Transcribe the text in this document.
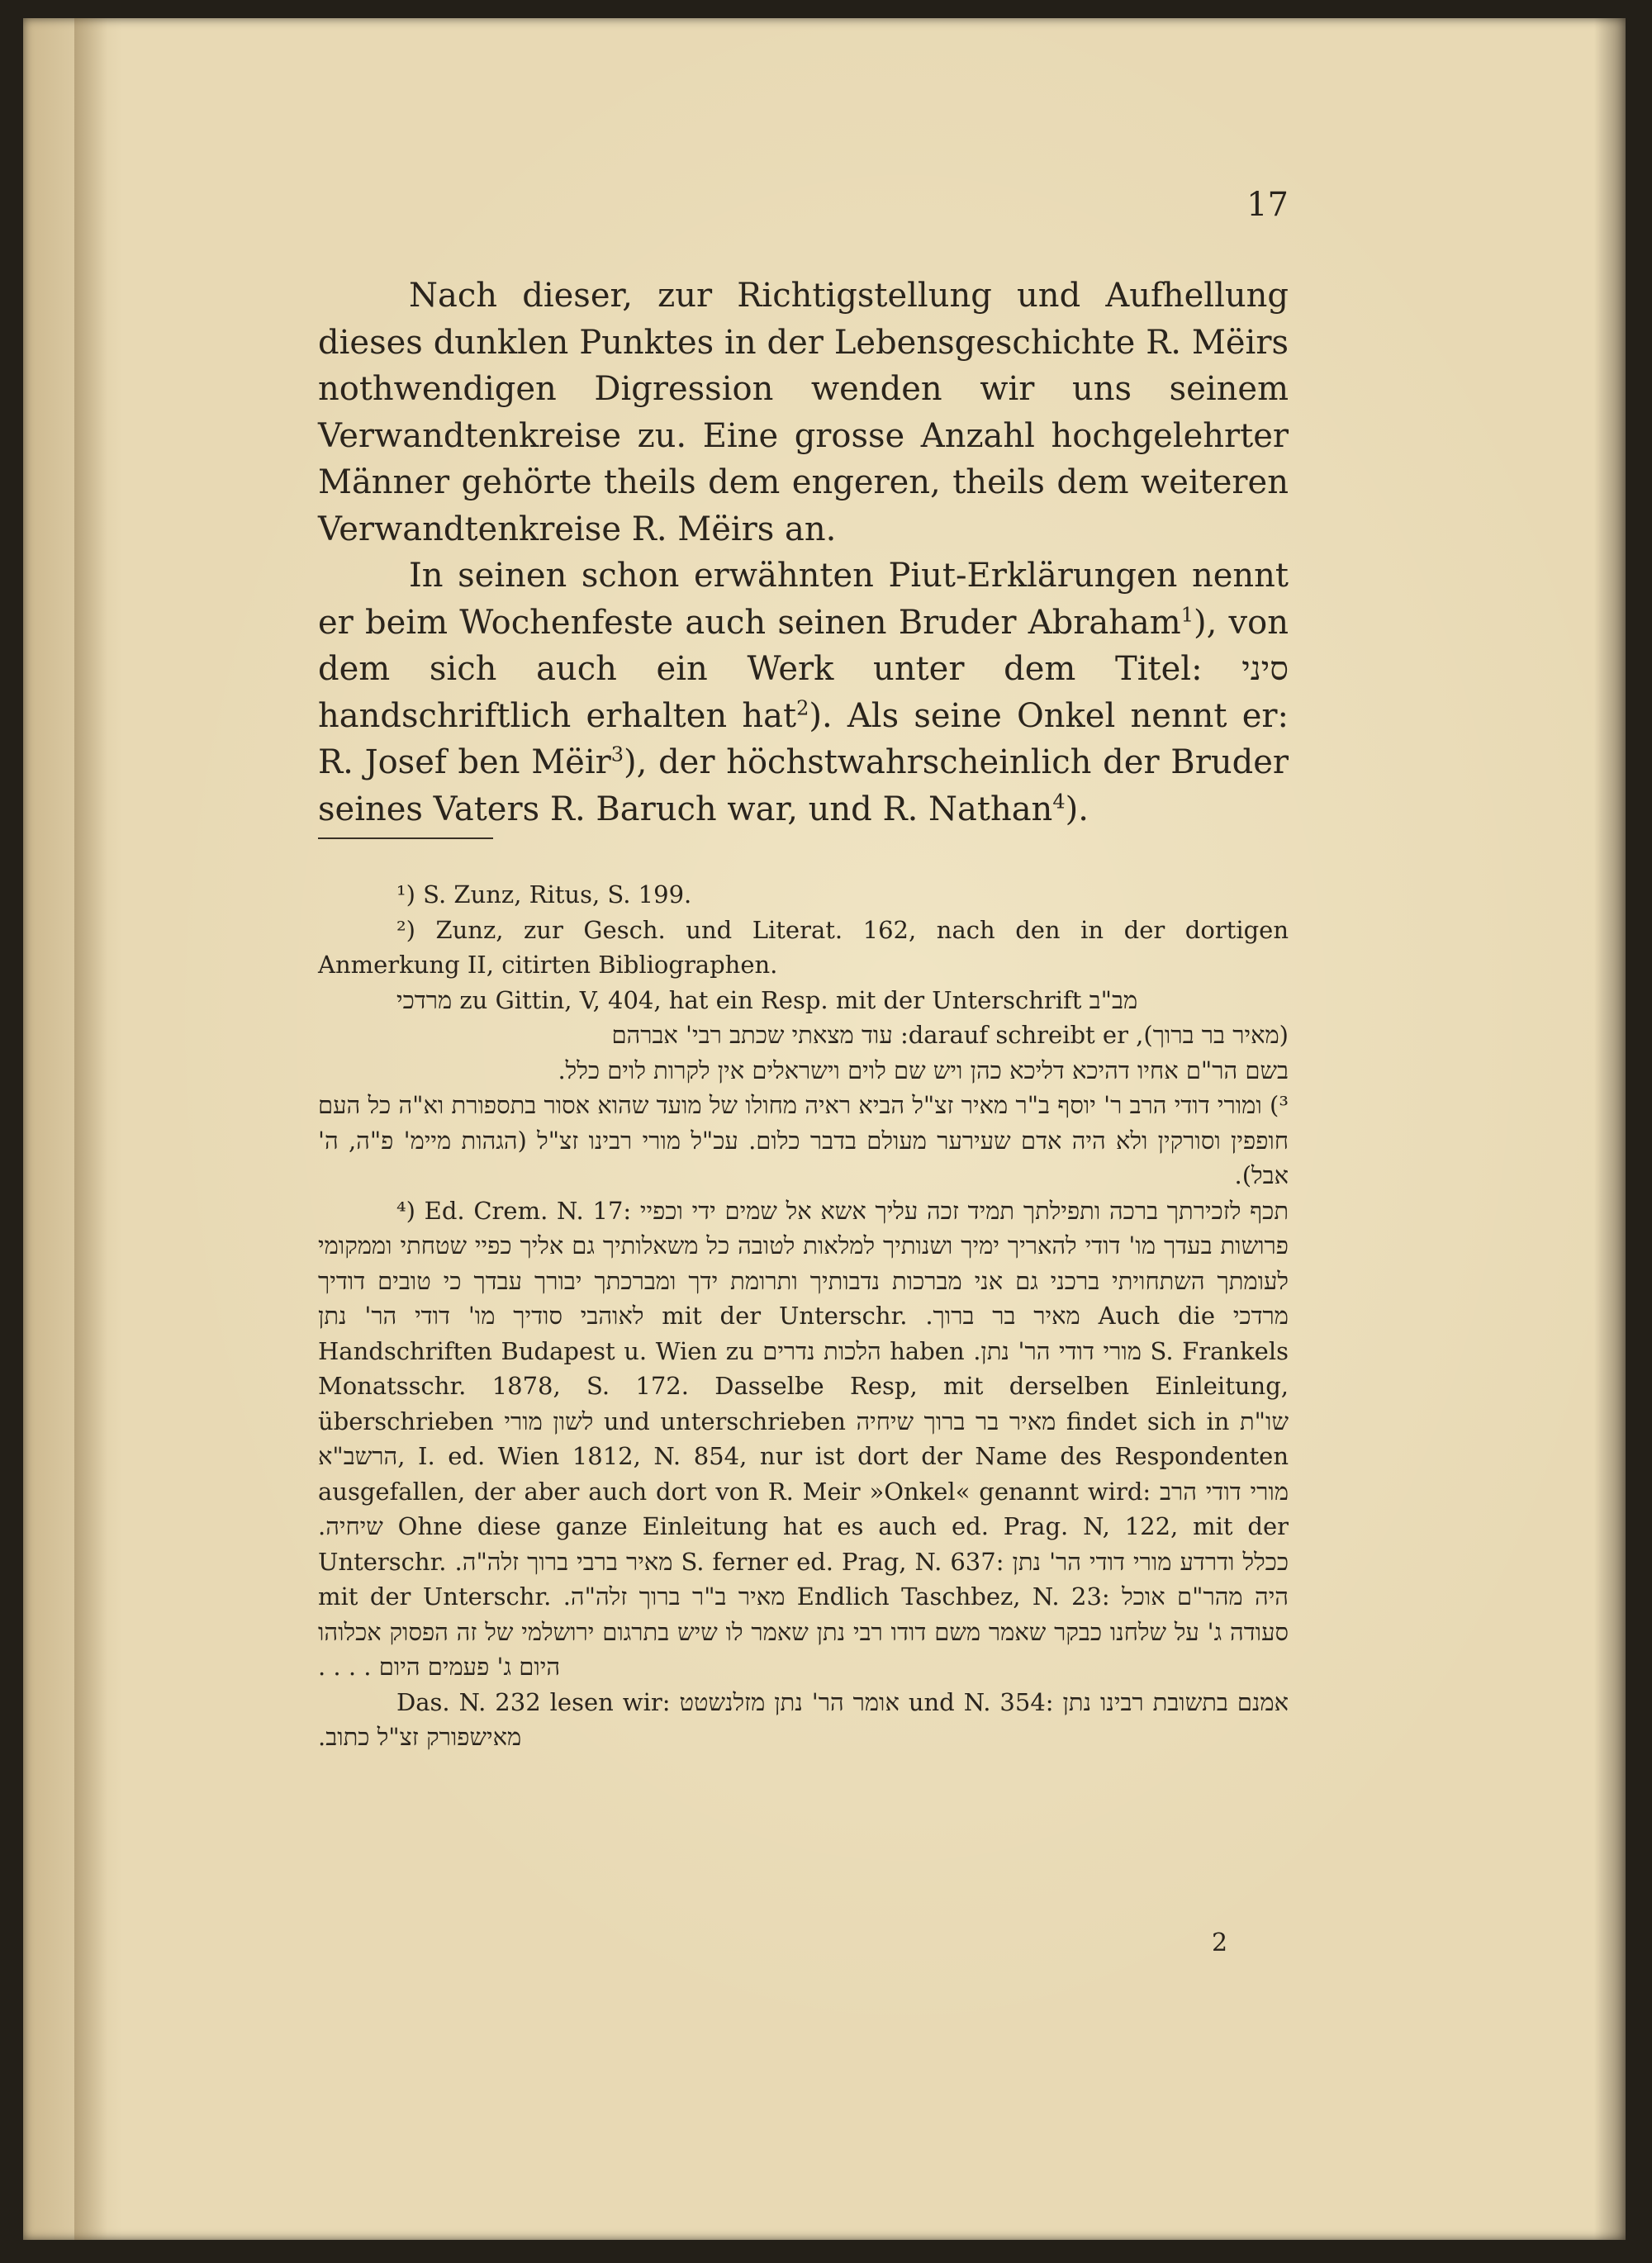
17

Nach dieser, zur Richtigstellung und Aufhellung dieses dunklen Punktes in der Lebensgeschichte R. Mëirs nothwendigen Digression wenden wir uns seinem Verwandtenkreise zu. Eine grosse Anzahl hochgelehrter Männer gehörte theils dem engeren, theils dem weiteren Verwandtenkreise R. Mëirs an.

In seinen schon erwähnten Piut-Erklärungen nennt er beim Wochenfeste auch seinen Bruder Abraham$^1$), von dem sich auch ein Werk unter dem Titel: סיני handschriftlich erhalten hat$^2$). Als seine Onkel nennt er: R. Josef ben Mëir$^3$), der höchstwahrscheinlich der Bruder seines Vaters R. Baruch war, und R. Nathan$^4$).

¹) S. Zunz, Ritus, S. 199.

²) Zunz, zur Gesch. und Literat. 162, nach den in der dortigen Anmerkung II, citirten Bibliographen.

מרדכי zu Gittin, V, 404, hat ein Resp. mit der Unterschrift מב"ב

(מאיר בר ברוך), darauf schreibt er: עוד מצאתי שכתב רבי' אברהם

בשם הר"ם אחיו דהיכא דליכא כהן ויש שם לוים וישראלים אין לקרות לוים כלל.

³) ומורי דודי הרב ר' יוסף ב"ר מאיר זצ"ל הביא ראיה מחולו של מועד שהוא אסור בתספורת וא"ה כל העם חופפין וסורקין ולא היה אדם שעירער מעולם בדבר כלום. עכ"ל מורי רבינו זצ"ל (הגהות מיימ' פ"ה, ה' אבל).

⁴) Ed. Crem. N. 17: תכף לזכירתך ברכה ותפילתך תמיד זכה עליך אשא אל שמים ידי וכפיי פרושות בעדך מו' דודי להאריך ימיך ושנותיך למלאות לטובה כל משאלותיך גם אליך כפיי שטחתי וממקומי לעומתך השתחויתי ברכני גם אני מברכות נדבותיך ותרומת ידך ומברכתך יבורך עבדך כי טובים דודיך לאוהבי סודיך מו' דודי הר' נתן mit der Unterschr. מאיר בר ברוך. Auch die מרדכי Handschriften Budapest u. Wien zu הלכות נדרים haben מורי דודי הר' נתן. S. Frankels Monatsschr. 1878, S. 172. Dasselbe Resp, mit derselben Einleitung, überschrieben לשון מורי und unterschrieben מאיר בר ברוך שיחיה findet sich in שו"ת הרשב"א, I. ed. Wien 1812, N. 854, nur ist dort der Name des Respondenten ausgefallen, der aber auch dort von R. Meir »Onkel« genannt wird: מורי דודי הרב שיחיה. Ohne diese ganze Einleitung hat es auch ed. Prag. N, 122, mit der Unterschr. מאיר ברבי ברוך זלה"ה. S. ferner ed. Prag, N. 637: ככלל ודרדע מורי דודי הר' נתן mit der Unterschr. מאיר ב"ר ברוך זלה"ה. Endlich Taschbez, N. 23: היה מהר"ם אוכל סעודה ג' על שלחנו כבקר שאמר משם דודו רבי נתן שאמר לו שיש בתרגום ירושלמי של זה הפסוק אכלוהו היום ג' פעמים היום . . . .

Das. N. 232 lesen wir: אומר הר' נתן מזלנשטט und N. 354: אמנם בתשובת רבינו נתן מאישפורק זצ"ל כתוב.

2
